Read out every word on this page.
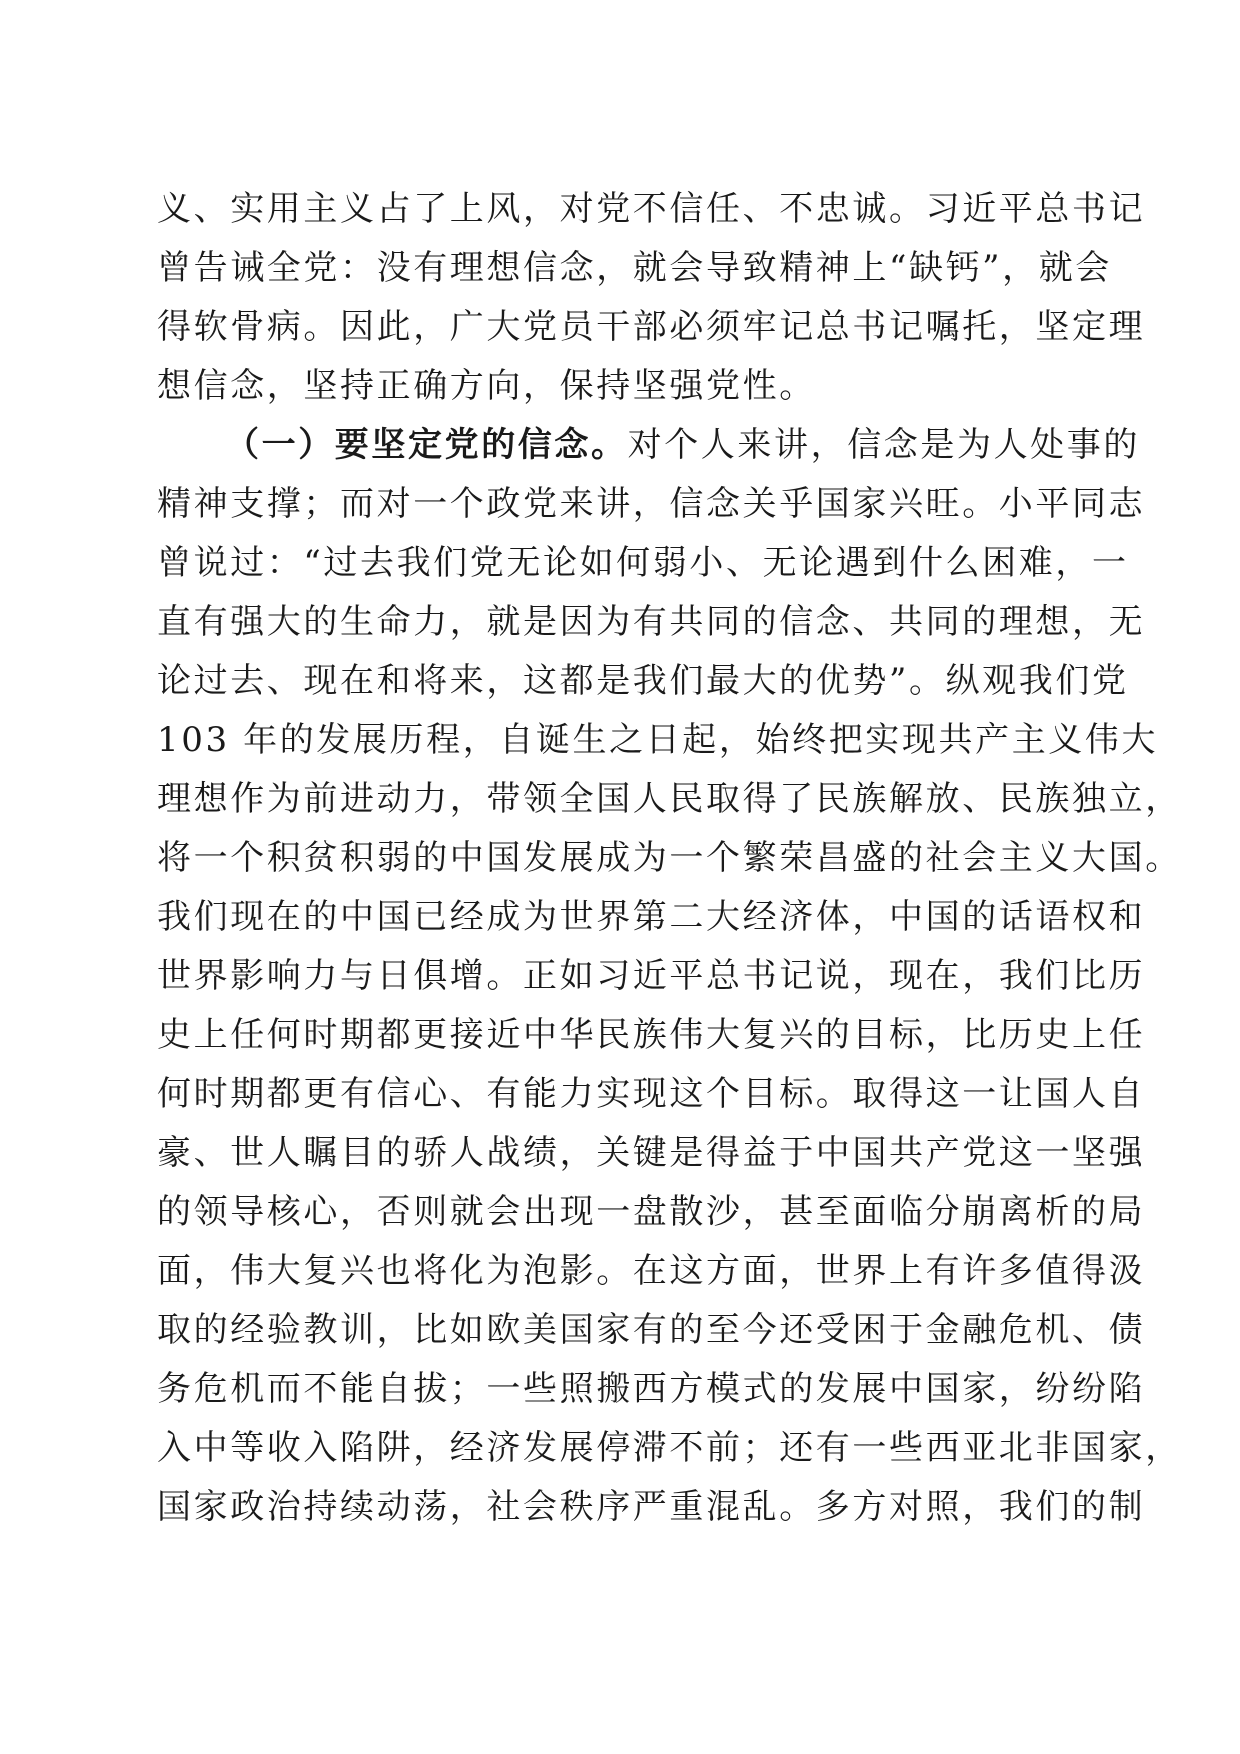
义、实用主义占了上风，对党不信任、不忠诚。习近平总书记
曾告诫全党：没有理想信念，就会导致精神上“缺钙”，就会
得软骨病。因此，广大党员干部必须牢记总书记嘱托，坚定理
想信念，坚持正确方向，保持坚强党性。
（一）要坚定党的信念。对个人来讲，信念是为人处事的
精神支撑；而对一个政党来讲，信念关乎国家兴旺。小平同志
曾说过：“过去我们党无论如何弱小、无论遇到什么困难，一
直有强大的生命力，就是因为有共同的信念、共同的理想，无
论过去、现在和将来，这都是我们最大的优势”。纵观我们党
103 年的发展历程，自诞生之日起，始终把实现共产主义伟大
理想作为前进动力，带领全国人民取得了民族解放、民族独立，
将一个积贫积弱的中国发展成为一个繁荣昌盛的社会主义大国。
我们现在的中国已经成为世界第二大经济体，中国的话语权和
世界影响力与日俱增。正如习近平总书记说，现在，我们比历
史上任何时期都更接近中华民族伟大复兴的目标，比历史上任
何时期都更有信心、有能力实现这个目标。取得这一让国人自
豪、世人瞩目的骄人战绩，关键是得益于中国共产党这一坚强
的领导核心，否则就会出现一盘散沙，甚至面临分崩离析的局
面，伟大复兴也将化为泡影。在这方面，世界上有许多值得汲
取的经验教训，比如欧美国家有的至今还受困于金融危机、债
务危机而不能自拔；一些照搬西方模式的发展中国家，纷纷陷
入中等收入陷阱，经济发展停滞不前；还有一些西亚北非国家，
国家政治持续动荡，社会秩序严重混乱。多方对照，我们的制
